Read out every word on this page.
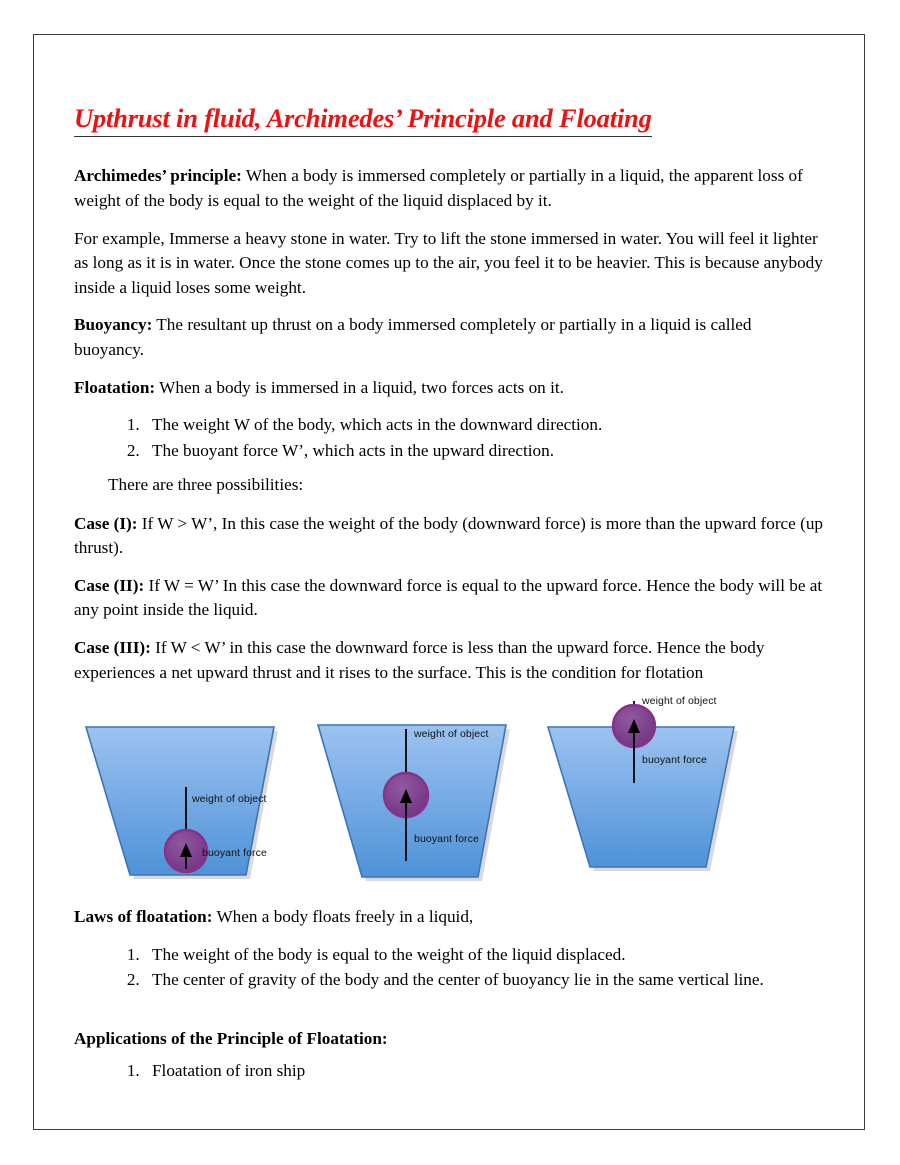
Upthrust in fluid, Archimedes’ Principle and Floating

Archimedes’ principle: When a body is immersed completely or partially in a liquid, the apparent loss of weight of the body is equal to the weight of the liquid displaced by it.

For example, Immerse a heavy stone in water. Try to lift the stone immersed in water. You will feel it lighter as long as it is in water. Once the stone comes up to the air, you feel it to be heavier. This is because anybody inside a liquid loses some weight.

Buoyancy: The resultant up thrust on a body immersed completely or partially in a liquid is called buoyancy.

Floatation: When a body is immersed in a liquid, two forces acts on it.

1. The weight W of the body, which acts in the downward direction.
2. The buoyant force W’, which acts in the upward direction.

There are three possibilities:

Case (I): If W > W’, In this case the weight of the body (downward force) is more than the upward force (up thrust).

Case (II): If W = W’ In this case the downward force is equal to the upward force. Hence the body will be at any point inside the liquid.

Case (III): If W < W’ in this case the downward force is less than the upward force. Hence the body experiences a net upward thrust and it rises to the surface. This is the condition for flotation

weight of object
buoyant force
weight of object
buoyant force
weight of object
buoyant force

Laws of floatation: When a body floats freely in a liquid,

1. The weight of the body is equal to the weight of the liquid displaced.
2. The center of gravity of the body and the center of buoyancy lie in the same vertical line.

Applications of the Principle of Floatation:

1. Floatation of iron ship
